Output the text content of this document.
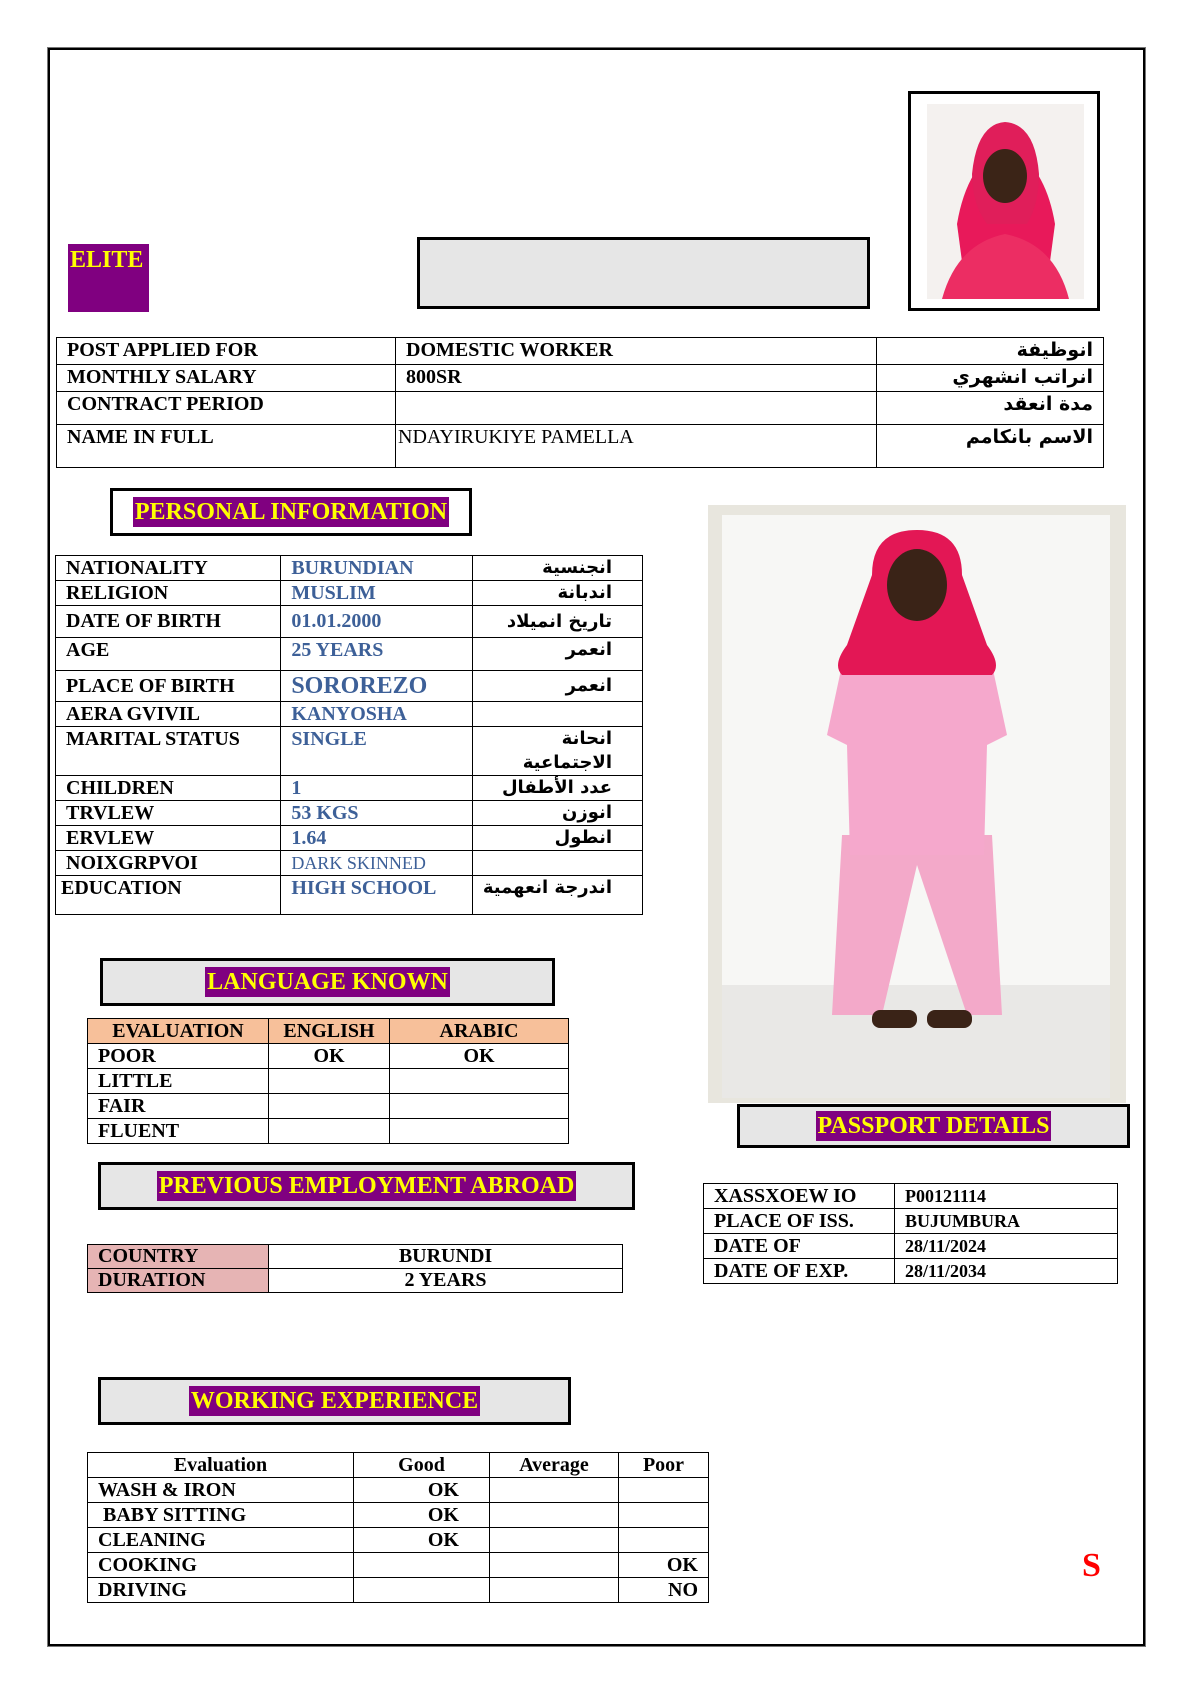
ELITE
POST APPLIED FOR	DOMESTIC WORKER	انوظيفة
MONTHLY SALARY	800SR	انراتب انشهري
CONTRACT PERIOD		مدة انعقد
NAME IN FULL	NDAYIRUKIYE PAMELLA	الاسم بانكامم
PERSONAL INFORMATION
NATIONALITY	BURUNDIAN	انجنسية
RELIGION	MUSLIM	اندبانة
DATE OF BIRTH	01.01.2000	تاريخ انميلاد
AGE	25 YEARS	انعمر
PLACE OF BIRTH	SOROREZO	انعمر
AERA GVIVIL	KANYOSHA	
MARITAL STATUS	SINGLE	انحانة الاجتماعية
CHILDREN	1	عدد الأطفال
TRVLEW	53 KGS	انوزن
ERVLEW	1.64	انطول
NOIXGRPVOI	DARK SKINNED	
EDUCATION	HIGH SCHOOL	اندرجة انعهمية
LANGUAGE KNOWN
EVALUATION	ENGLISH	ARABIC
POOR	OK	OK
LITTLE		
FAIR		
FLUENT			PASSPORT DETAILS
XASSXOEW IO	P00121114
PLACE OF ISS.	BUJUMBURA
DATE OF	28/11/2024
DATE OF EXP.	28/11/2034
PREVIOUS EMPLOYMENT ABROAD
COUNTRY	BURUNDI
DURATION	2 YEARS
WORKING EXPERIENCE
Evaluation	Good	Average	Poor
WASH & IRON	OK		
BABY SITTING	OK		
CLEANING	OK		
COOKING			OK
DRIVING			NO
S
